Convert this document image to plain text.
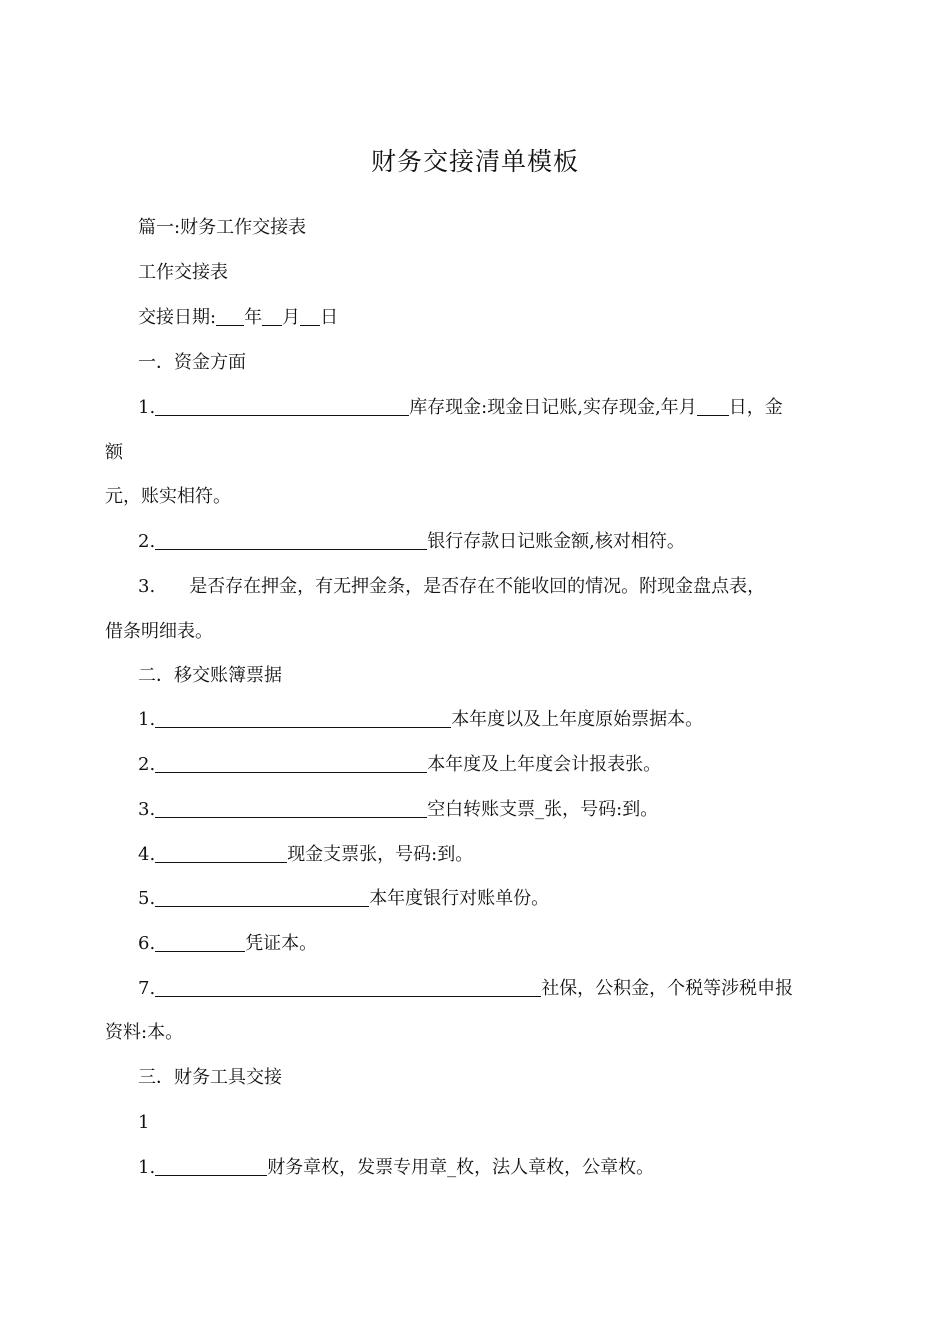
财务交接清单模板
篇一:财务工作交接表
工作交接表
交接日期: 年 月 日
一．资金方面
1.	库存现金:现金日记账,实存现金,年月 日，金
额
元，账实相符。
2.	银行存款日记账金额,核对相符。
3. 是否存在押金，有无押金条，是否存在不能收回的情况。附现金盘点表，
借条明细表。
二．移交账簿票据
1.	本年度以及上年度原始票据本。
2.	本年度及上年度会计报表张。
3.	空白转账支票_张，号码:到。
4.	现金支票张，号码:到。
5.	本年度银行对账单份。
6.	凭证本。
7.	社保，公积金，个税等涉税申报
资料:本。
三．财务工具交接
1
1.	财务章枚，发票专用章_枚，法人章枚，公章枚。
